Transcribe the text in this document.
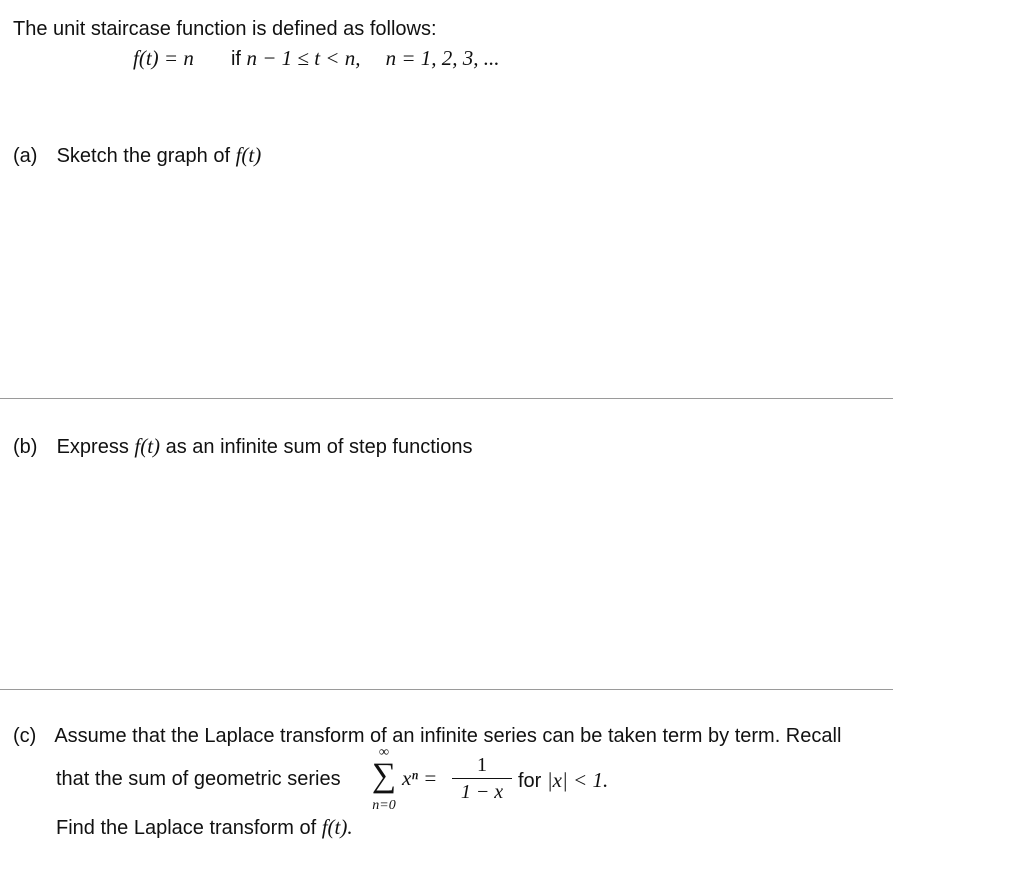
The unit staircase function is defined as follows:
f(t) = n if n − 1 ≤ t < n, n = 1, 2, 3, ...
(a) Sketch the graph of f(t)
(b) Express f(t) as an infinite sum of step functions
(c) Assume that the Laplace transform of an infinite series can be taken term by term. Recall
that the sum of geometric series
∞
∑
n=0
xⁿ =
1
1 − x for |x| < 1.
Find the Laplace transform of f(t).
